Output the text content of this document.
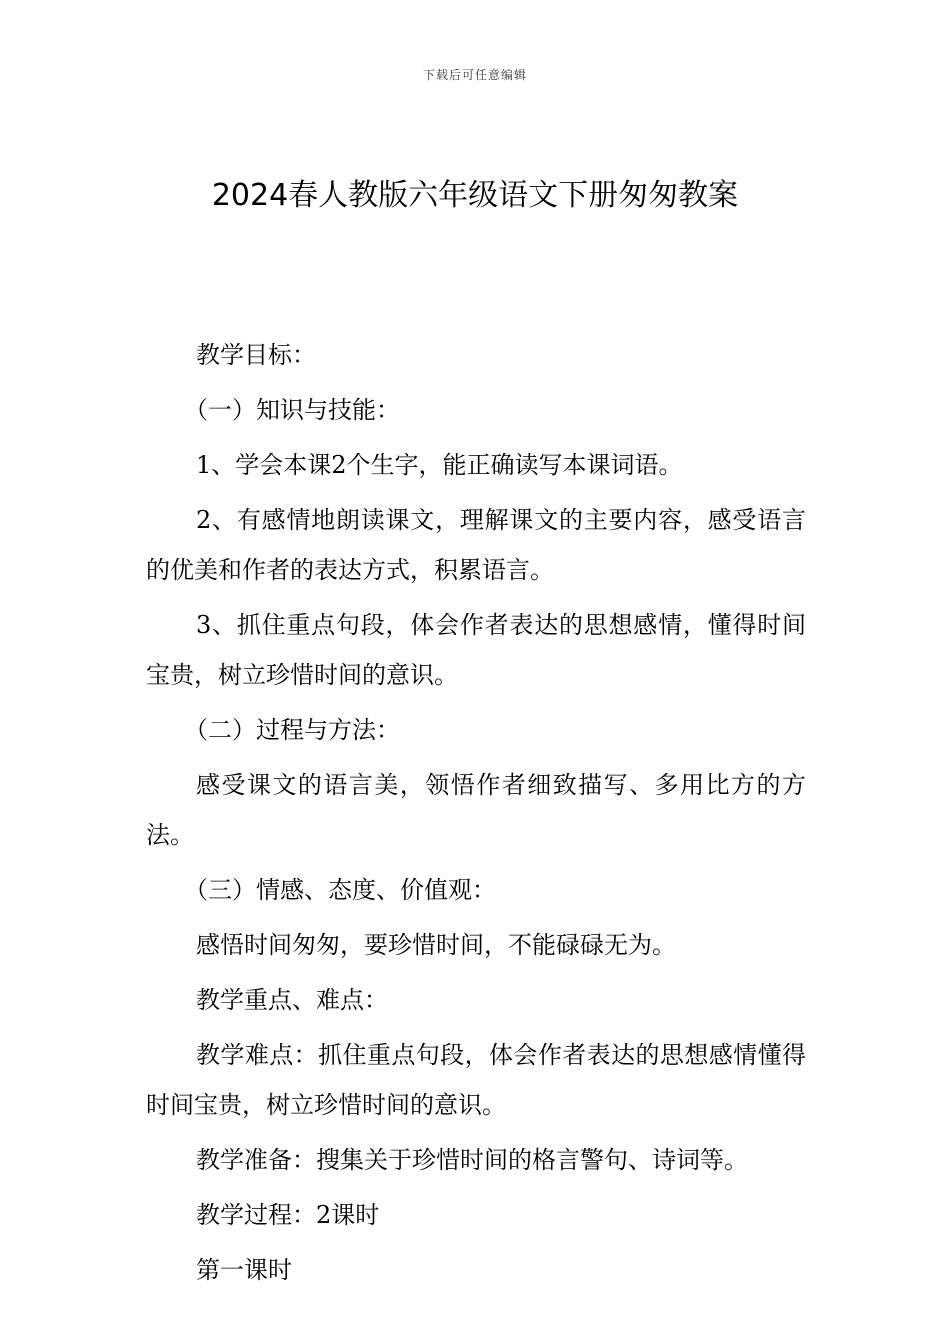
下载后可任意编辑
2024春人教版六年级语文下册匆匆教案

教学目标：

（一）知识与技能：

1、学会本课2个生字，能正确读写本课词语。

2、有感情地朗读课文，理解课文的主要内容，感受语言的优美和作者的表达方式，积累语言。

3、抓住重点句段，体会作者表达的思想感情，懂得时间宝贵，树立珍惜时间的意识。

（二）过程与方法：

感受课文的语言美，领悟作者细致描写、多用比方的方法。

（三）情感、态度、价值观：

感悟时间匆匆，要珍惜时间，不能碌碌无为。

教学重点、难点：

教学难点：抓住重点句段，体会作者表达的思想感情懂得时间宝贵，树立珍惜时间的意识。

教学准备：搜集关于珍惜时间的格言警句、诗词等。

教学过程：2课时

第一课时
